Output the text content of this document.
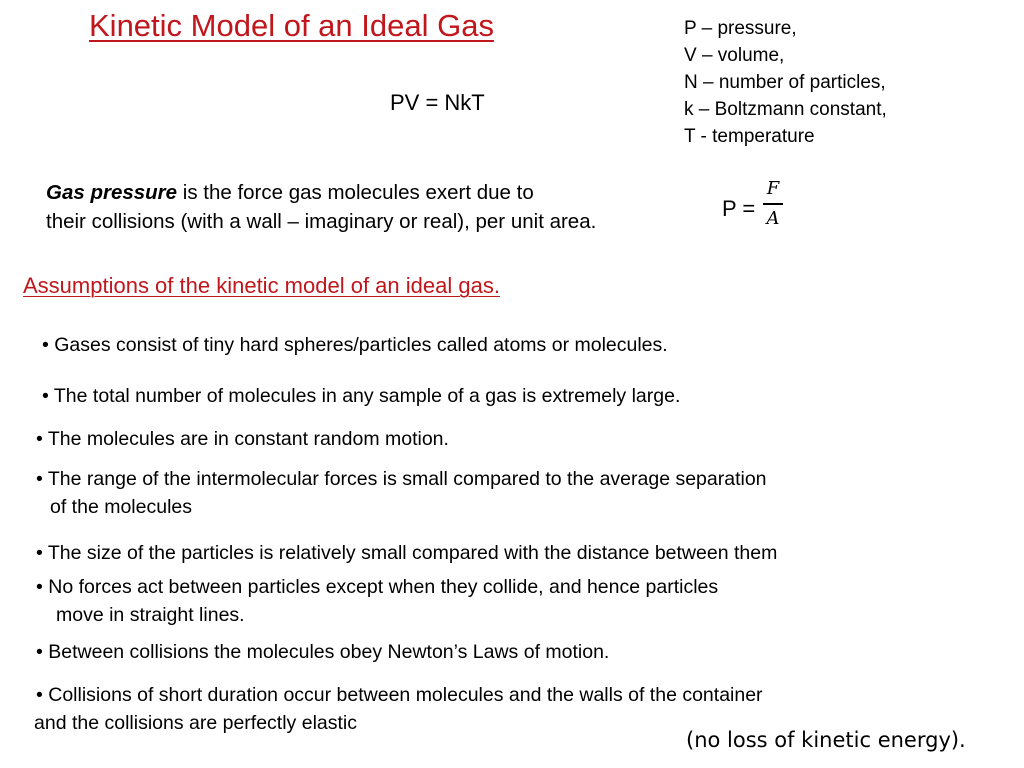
Kinetic Model of an Ideal Gas	P – pressure,
V – volume,
N – number of particles,
k – Boltzmann constant,
T - temperature
PV = NkT
Gas pressure is the force gas molecules exert due to
their collisions (with a wall – imaginary or real), per unit area.
P =
F
A
Assumptions of the kinetic model of an ideal gas.
• Gases consist of tiny hard spheres/particles called atoms or molecules.
• The total number of molecules in any sample of a gas is extremely large.
• The molecules are in constant random motion.
• The range of the intermolecular forces is small compared to the average separation
of the molecules
• The size of the particles is relatively small compared with the distance between them
• No forces act between particles except when they collide, and hence particles
move in straight lines.
• Between collisions the molecules obey Newton’s Laws of motion.
• Collisions of short duration occur between molecules and the walls of the container
and the collisions are perfectly elastic
(no loss of kinetic energy).
